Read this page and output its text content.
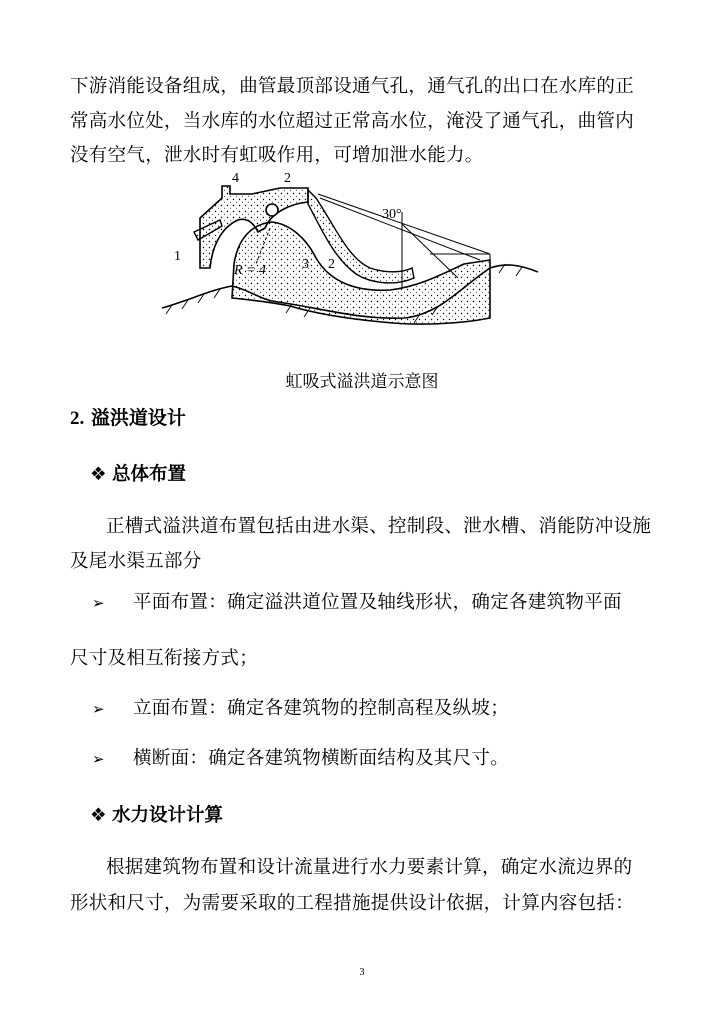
下游消能设备组成，曲管最顶部设通气孔，通气孔的出口在水库的正
常高水位处，当水库的水位超过正常高水位，淹没了通气孔，曲管内
没有空气，泄水时有虹吸作用，可增加泄水能力。
4	2
30°
1
3 2
R = 4
虹吸式溢洪道示意图
2. 溢洪道设计
❖ 总体布置
正槽式溢洪道布置包括由进水渠、控制段、泄水槽、消能防冲设施
及尾水渠五部分
➢ 平面布置：确定溢洪道位置及轴线形状，确定各建筑物平面
尺寸及相互衔接方式；
➢ 立面布置：确定各建筑物的控制高程及纵坡；
➢ 横断面：确定各建筑物横断面结构及其尺寸。
❖ 水力设计计算
根据建筑物布置和设计流量进行水力要素计算，确定水流边界的
形状和尺寸，为需要采取的工程措施提供设计依据，计算内容包括：
3
